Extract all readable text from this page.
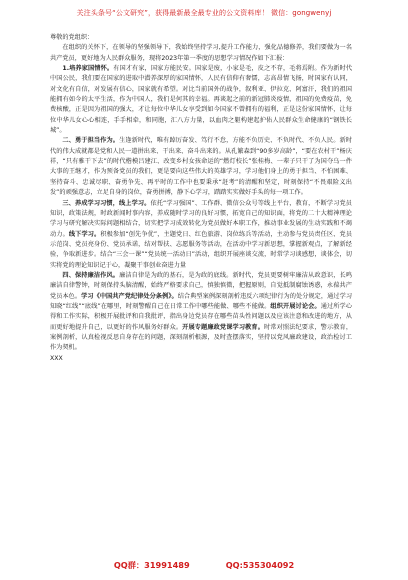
关注头条号“公文研究”，获得最新最全最专业的公文资料库！ 微信：gongwenyj

尊敬的党组织：

在组织的关怀下，在领导的坚强领导下，我始终坚持学习,提升工作能力，强化品德修养，我们要做为一名共产党员，更好地为人民群众服务，现将2023年第一季度的思想学习情况作如下汇报：

1.培养家国情怀。有国才有家，国家方能民安。国家是废，小家是毛，皮之不存，毛将焉附。作为新时代中国公民，我们要在国家的进取中潜养深厚的家国情怀，人民有信仰有奢懦，志高昂情飞扬，时国家有认同，对文化有自信，对发展有信心，国家就有希望。对比当前国外的战争，叙利亚、伊拉克、阿富汗，我们的祖国能拥有如今的太平生活，作为中国人，我们是何其的幸福。再谈起之前的新冠肺炎疫情，祖国的免费疫苗，免费核酸，正是因为祖国的强大，才让每位中华儿女享受到如今国家不曾拥有的福利，正是这份家国情怀，让每位中华儿女心心相连，手手相牵，和同胞，汇八方力量，以血肉之躯构建起护佑人民群众生命健康的“钢铁长城”。

二、勇于担当作为。生逢新时代，唯有踔厉奋发、笃行不怠，方能不负历史、不负时代、不负人民。新时代的伟大成就都是党和人民一道拼出来、干出来、奋斗出来的。从孔繁森到“90多岁高龄”，“要在农村干”杨庆祥，“只有雅干下去”的时代楷模吕建江、改变乡村女孩命运的“燃灯校长”张桂梅、一辈子只干了为国夺乌一件大事的王继才，作为预备党员的我们，更是要向这些伟大的英雄学习，学习他们身上的勇于担当、不怕困难、坚持奋斗、忠诚尽职、奋勇争先、再平时的工作中也要秉承“赶考”的清醒和坚定，时刻保持“不畏艰险义出发”的顽强意志，立足自身的岗位，奋勇拼搏，静下心学习，踏踏实实做好手头的每一项工作。

三、养成学习习惯，线上学习。依托“学习强国”、工作群、微信公众号等线上平台，教育，不断学习党员知识，政策法规，时政新闻时事内容，养成随时学习的良好习惯，拓宽自己的知识面，将党的二十大精神理论学习与研究解决实际问题相结合，切实把学习成效转化为党员做好本职工作，推动事业发展的生动实践和不竭动力。线下学习。积极参加“创先争优”，主题党日、红色旅游、岗位练兵等活动，主动参与党员责任区、党员示范岗、党员亮身份、党员承诺，结对帮扶、志愿服务等活动，在活动中学习新思想，掌握新观点，了解新经验，争取新进步。结合“三会一课”“党员统一活动日”活动，组织开展座谈交流，时常学习谈感想，谈体会，切实将党的理论知识记于心，凝聚干事创业奋进力量

四、保持廉洁作风。廉洁自律是为政的基石，是为政的底线。新时代，党员更要树牢廉洁从政意识，长鸣廉洁自律警钟，时刻保持头脑清醒，始终严格要求自己，慎独慎微，把握原则，自觉抵制腐蚀诱惑，永葆共产党员本色。学习《中国共产党纪律处分条例》。结合典型案例深刻剖析违反六项纪律行为的处分规定，通过学习知晓“红线”“底线”在哪里，时刻警醒自己在日常工作中哪些能做、哪些不能做。组织开展讨论会。通过所学心得和工作实际，积极开展批评和自我批评，指出身边党员存在哪些苗头性问题以及应该注意和改进的地方，从而更好地提升自己，以更好的作风服务好群众。开展专题廉政党课学习教育。时常对照法纪要求，警示教育，案例剖析，认真检视反思自身存在的问题，深刻剖析根源，及时查摆落实，坚持以党风廉政建设，政治检讨工作为契机。

XXX

QQ群：31991489	QQ:535304092
